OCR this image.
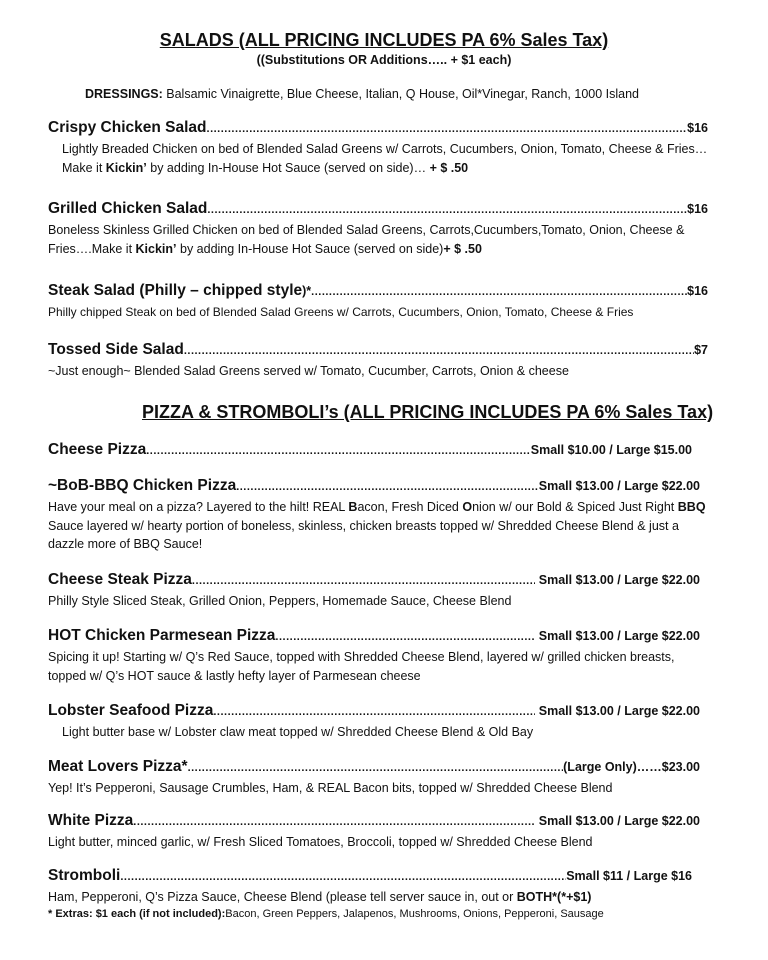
SALADS (ALL PRICING INCLUDES PA 6% Sales Tax)
((Substitutions OR Additions….. + $1 each)
DRESSINGS: Balsamic Vinaigrette, Blue Cheese, Italian, Q House, Oil*Vinegar, Ranch, 1000 Island
Crispy Chicken Salad .....	$16
Lightly Breaded Chicken on bed of Blended Salad Greens w/ Carrots, Cucumbers, Onion, Tomato, Cheese & Fries…Make it Kickin’ by adding In-House Hot Sauce (served on side)… + $ .50
Grilled Chicken Salad .....	$16
Boneless Skinless Grilled Chicken on bed of Blended Salad Greens, Carrots,Cucumbers,Tomato, Onion, Cheese & Fries….Make it Kickin’ by adding In-House Hot Sauce (served on side)+ $ .50
Steak Salad (Philly – chipped style )* .....	$16
Philly chipped Steak on bed of Blended Salad Greens w/ Carrots, Cucumbers, Onion, Tomato, Cheese & Fries
Tossed Side Salad .....	$7
~Just enough~ Blended Salad Greens served w/ Tomato, Cucumber, Carrots, Onion & cheese
PIZZA & STROMBOLI’s (ALL PRICING INCLUDES PA 6% Sales Tax)
Cheese Pizza .....	Small $10.00 / Large $15.00
~BoB-BBQ Chicken Pizza .....	Small $13.00 / Large $22.00
Have your meal on a pizza? Layered to the hilt! REAL Bacon, Fresh Diced Onion w/ our Bold & Spiced Just Right BBQ Sauce layered w/ hearty portion of boneless, skinless, chicken breasts topped w/ Shredded Cheese Blend & just a dazzle more of BBQ Sauce!
Cheese Steak Pizza .....	Small $13.00 / Large $22.00
Philly Style Sliced Steak, Grilled Onion, Peppers, Homemade Sauce, Cheese Blend
HOT Chicken Parmesean Pizza .....	Small $13.00 / Large $22.00
Spicing it up! Starting w/ Q’s Red Sauce, topped with Shredded Cheese Blend, layered w/ grilled chicken breasts, topped w/ Q’s HOT sauce & lastly hefty layer of Parmesean cheese
Lobster Seafood Pizza .....	Small $13.00 / Large $22.00
Light butter base w/ Lobster claw meat topped w/ Shredded Cheese Blend & Old Bay
Meat Lovers Pizza* .....	(Large Only)……$23.00
Yep! It’s Pepperoni, Sausage Crumbles, Ham, & REAL Bacon bits, topped w/ Shredded Cheese Blend
White Pizza .....	Small $13.00 / Large $22.00
Light butter, minced garlic, w/ Fresh Sliced Tomatoes, Broccoli, topped w/ Shredded Cheese Blend
Stromboli .....	Small $11 / Large $16
Ham, Pepperoni, Q’s Pizza Sauce, Cheese Blend (please tell server sauce in, out or BOTH*(*+$1)
* Extras: $1 each (if not included):Bacon, Green Peppers, Jalapenos, Mushrooms, Onions, Pepperoni, Sausage
